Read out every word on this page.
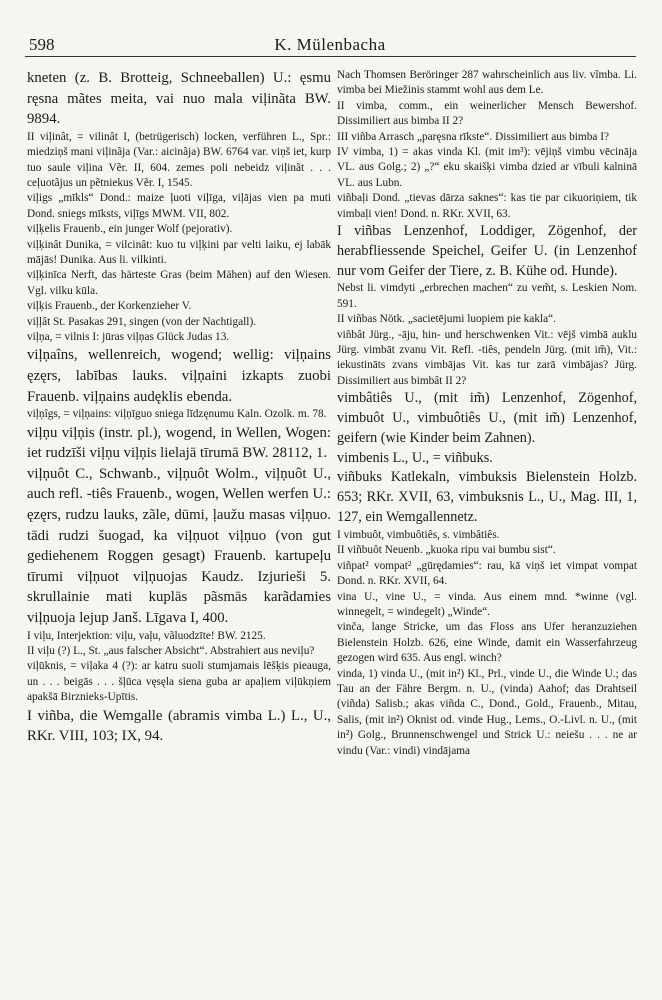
598	K. Mülenbacha

kneten (z. B. Brotteig, Schneeballen) U.: ęsmu ręsna mãtes meita, vai nuo mala viļinãta BW. 9894.

II viļinât, = vilinât I, (betrügerisch) locken, verführen L., Spr.: miedziņš mani viļinãja (Var.: aicinãja) BW. 6764 var. viņš iet, kurp tuo saule viļina Vẽr. II, 604. zemes poli nebeidz viļinãt . . . ceļuotãjus un pẽtniekus Vẽr. I, 1545.

viļigs „mīkls“ Dond.: maize ļuoti viļīga, viļājas vien pa muti Dond. sniegs mīksts, viļīgs MWM. VII, 802.

viļķelis Frauenb., ein junger Wolf (pejorativ).

viļķinât Dunika, = vilcinât: kuo tu viļķini par velti laiku, ej labāk mājās! Dunika. Aus li. vilkinti.

viļķinīca Nerft, das härteste Gras (beim Mähen) auf den Wiesen. Vgl. vilku kūla.

viļķis Frauenb., der Korkenzieher V.

viļļât St. Pasakas 291, singen (von der Nachtigall).

viļņa, = vilnis I: jūras viļņas Glück Judas 13.

viļņaîns, wellenreich, wogend; wellig: viļņains ęzęrs, labības lauks. viļņaini izkapts zuobi Frauenb. viļņains audęklis ebenda.

viļņîgs, = viļņains: viļņīguo sniega līdzęnumu Kaln. Ozolk. m. 78.

viļņu viļņis (instr. pl.), wogend, in Wellen, Wogen: iet rudzīši viļņu viļņis lielajā tīrumā BW. 28112, 1.

viļņuôt C., Schwanb., viļņuôt Wolm., viļņuôt U., auch refl. -tiês Frauenb., wogen, Wellen werfen U.: ęzęrs, rudzu lauks, zãle, dūmi, ļaužu masas viļņuo. tādi rudzi šuogad, ka viļņuot viļņuo (von gut gediehenem Roggen gesagt) Frauenb. kartupeļu tīrumi viļņuot viļņuojas Kaudz. Izjurieši 5. skrullainie mati kuplās pãsmās karãdamies viļņuoja lejup Janš. Līgava I, 400.

I viļu, Interjektion: viļu, vaļu, vãluodzīte! BW. 2125.

II viļu (?) L., St. „aus falscher Absicht“. Abstrahiert aus neviļu?

viļūknis, = viļaka 4 (?): ar katru suoli stumjamais lēšķis pieauga, un . . . beigās . . . šļūca vęsęla siena guba ar apaļiem viļūkņiem apakšā Birznieks-Upītis.

I viñba, die Wemgalle (abramis vimba L.) L., U., RKr. VIII, 103; IX, 94.

Nach Thomsen Beröringer 287 wahrscheinlich aus liv. vĩmba. Li. vimba bei Miežinis stammt wohl aus dem Le.

II vimba, comm., ein weinerlicher Mensch Bewershof. Dissimiliert aus bimba II 2?

III viñba Arrasch „paręsna rīkste“. Dissimiliert aus bimba I?

IV vimba, 1) = akas vinda Kl. (mit im³): vējiņš vimbu vēcināja VL. aus Golg.; 2) „?“ eku skaišķi vimba dzied ar vībuli kalninā VL. aus Lubn.

viñbaļi Dond. „tievas dārza saknes“: kas tie par cikuoriņiem, tik vimbaļi vien! Dond. n. RKr. XVII, 63.

I viñbas Lenzenhof, Loddiger, Zögenhof, der herabfliessende Speichel, Geifer U. (in Lenzenhof nur vom Geifer der Tiere, z. B. Kühe od. Hunde).

Nebst li. vimdyti „erbrechen machen“ zu vem̃t, s. Leskien Nom. 591.

II viñbas Nötk. „sacietējumi luopiem pie kakla“.

viñbât Jürg., -āju, hin- und herschwenken Vit.: vējš vimbā auklu Jürg. vimbāt zvanu Vit. Refl. -tiês, pendeln Jürg. (mit im̃), Vit.: iekustināts zvans vimbājas Vit. kas tur zarā vimbājas? Jürg. Dissimiliert aus bimbât II 2?

vimbâtiês U., (mit im̃) Lenzenhof, Zögenhof, vimbuôt U., vimbuôtiês U., (mit im̃) Lenzenhof, geifern (wie Kinder beim Zahnen).

vimbenis L., U., = viñbuks.

viñbuks Katlekaln, vimbuksis Bielenstein Holzb. 653; RKr. XVII, 63, vimbuksnis L., U., Mag. III, 1, 127, ein Wemgallennetz.

I vimbuôt, vimbuôtiês, s. vimbâtiês.

II viñbuôt Neuenb. „kuoka ripu vai bumbu sist“.

viñpat² vompat² „gūrędamies“: rau, kā viņš iet vimpat vompat Dond. n. RKr. XVII, 64.

vina U., vine U., = vinda. Aus einem mnd. *winne (vgl. winnegelt, = windegelt) „Winde“.

vinča, lange Stricke, um das Floss ans Ufer heranzuziehen Bielenstein Holzb. 626, eine Winde, damit ein Wasserfahrzeug gezogen wird 635. Aus engl. winch?

vinda, 1) vinda U., (mit in²) Kl., Prl., vinde U., die Winde U.; das Tau an der Fähre Bergm. n. U., (vinda) Aahof; das Drahtseil (viñda) Salisb.; akas viñda C., Dond., Gold., Frauenb., Mitau, Salis, (mit in²) Oknist od. vinde Hug., Lems., O.-Livl. n. U., (mit in²) Golg., Brunnenschwengel und Strick U.: neiešu . . . ne ar vindu (Var.: vindi) vindājama
